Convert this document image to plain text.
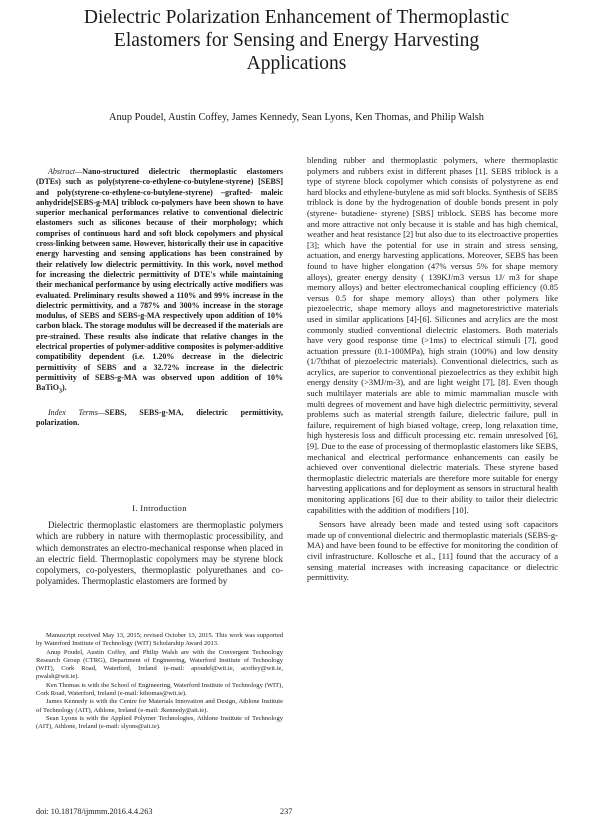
Dielectric Polarization Enhancement of Thermoplastic
Elastomers for Sensing and Energy Harvesting
Applications
Anup Poudel, Austin Coffey, James Kennedy, Sean Lyons, Ken Thomas, and Philip Walsh

Abstract—Nano-structured dielectric thermoplastic elastomers (DTEs) such as poly(styrene-co-ethylene-co-butylene-styrene) [SEBS] and poly(styrene-co-ethylene-co-butylene-styrene) –grafted- maleic anhydride[SEBS-g-MA] triblock co-polymers have been shown to have superior mechanical performances relative to conventional dielectric elastomers such as silicones because of their morphology; which comprises of continuous hard and soft block copolymers and physical cross-linking between same. However, historically their use in capacitive energy harvesting and sensing applications has been constrained by their relatively low dielectric permittivity. In this work, novel method for increasing the dielectric permittivity of DTE's while maintaining their mechanical performance by using electrically active modifiers was evaluated. Preliminary results showed a 110% and 99% increase in the dielectric permittivity, and a 787% and 300% increase in the storage modulus, of SEBS and SEBS-g-MA respectively upon addition of 10% carbon black. The storage modulus will be decreased if the materials are pre-strained. These results also indicate that relative changes in the electrical properties of polymer-additive composites is polymer-additive compatibility dependent (i.e. 1.20% decrease in the dielectric permittivity of SEBS and a 32.72% increase in the dielectric permittivity of SEBS-g-MA was observed upon addition of 10% BaTiO$_3$).

Index Terms—SEBS, SEBS-g-MA, dielectric permittivity, polarization.

I. Introduction

Dielectric thermoplastic elastomers are thermoplastic polymers which are rubbery in nature with thermoplastic processibility, and which demonstrates an electro-mechanical response when placed in an electric field. Thermoplastic copolymers may be styrene block copolymers, co-polyesters, thermoplastic polyurethanes and co-polyamides. Thermoplastic elastomers are formed by

Manuscript received May 13, 2015; revised October 13, 2015. This work was supported by Waterford Institute of Technology (WIT) Scholarship Award 2013.

Anup Poudel, Austin Coffey, and Philip Walsh are with the Convergent Technology Research Group (CTRG), Department of Engineering, Waterford Institute of Technology (WIT), Cork Road, Waterford, Ireland (e-mail: apoudel@wit.ie, acoffey@wit.ie, pwalsh@wit.ie).

Ken Thomas is with the School of Engineering, Waterford Institute of Technology (WIT), Cork Road, Waterford, Ireland (e-mail: kthomas@wit.ie).

James Kennedy is with the Centre for Materials Innovation and Design, Athlone Institute of Technology (AIT), Athlone, Ireland (e-mail: Jkennedy@ait.ie).

Sean Lyons is with the Applied Polymer Technologies, Athlone Institute of Technology (AIT), Athlone, Ireland (e-mail: slyons@ait.ie).

blending rubber and thermoplastic polymers, where thermoplastic polymers and rubbers exist in different phases [1]. SEBS triblock is a type of styrene block copolymer which consists of polystyrene as end hard blocks and ethylene-butylene as mid soft blocks. Synthesis of SEBS triblock is done by the hydrogenation of double bonds present in poly (styrene- butadiene- styrene) [SBS] triblock. SEBS has become more and more attractive not only because it is stable and has high chemical, weather and heat resistance [2] but also due to its electroactive properties [3]; which have the potential for use in strain and stress sensing, actuation, and energy harvesting applications. Moreover, SEBS has been found to have higher elongation (47% versus 5% for shape memory alloys), greater energy density ( 139KJ/m3 versus 1J/ m3 for shape memory alloys) and better electromechanical coupling efficiency (0.85 versus 0.5 for shape memory alloys) than other polymers like piezoelectric, shape memory alloys and magnetorestrictive materials used in similar applications [4]-[6]. Silicones and acrylics are the most commonly studied conventional dielectric elastomers. Both materials have very good response time (>1ms) to electrical stimuli [7], good actuation pressure (0.1-100MPa), high strain (100%) and low density (1/7ththat of piezoelectric materials). Conventional dielectrics, such as acrylics, are superior to conventional piezoelectrics as they exhibit high energy density (>3MJ/m-3), and are light weight [7], [8]. Even though such multilayer materials are able to mimic mammalian muscle with multi degrees of movement and have high dielectric permittivity, several problems such as material strength failure, dielectric failure, pull in failure, requirement of high biased voltage, creep, long relaxation time, high hysteresis loss and difficult processing etc. remain unresolved [6], [9]. Due to the ease of processing of thermoplastic elastomers like SEBS, mechanical and electrical performance enhancements can easily be achieved over conventional dielectric materials. These styrene based thermoplastic dielectric materials are therefore more suitable for energy harvesting applications and for deployment as sensors in structural health monitoring applications [6] due to their ability to tailor their dielectric capabilities with the addition of modifiers [10].

Sensors have already been made and tested using soft capacitors made up of conventional dielectric and thermoplastic materials (SEBS-g-MA) and have been found to be effective for monitoring the condition of civil infrastructure. Kollosche et al., [11] found that the accuracy of a sensing material increases with increasing capacitance or dielectric permittivity.

doi: 10.18178/ijmmm.2016.4.4.263	237
